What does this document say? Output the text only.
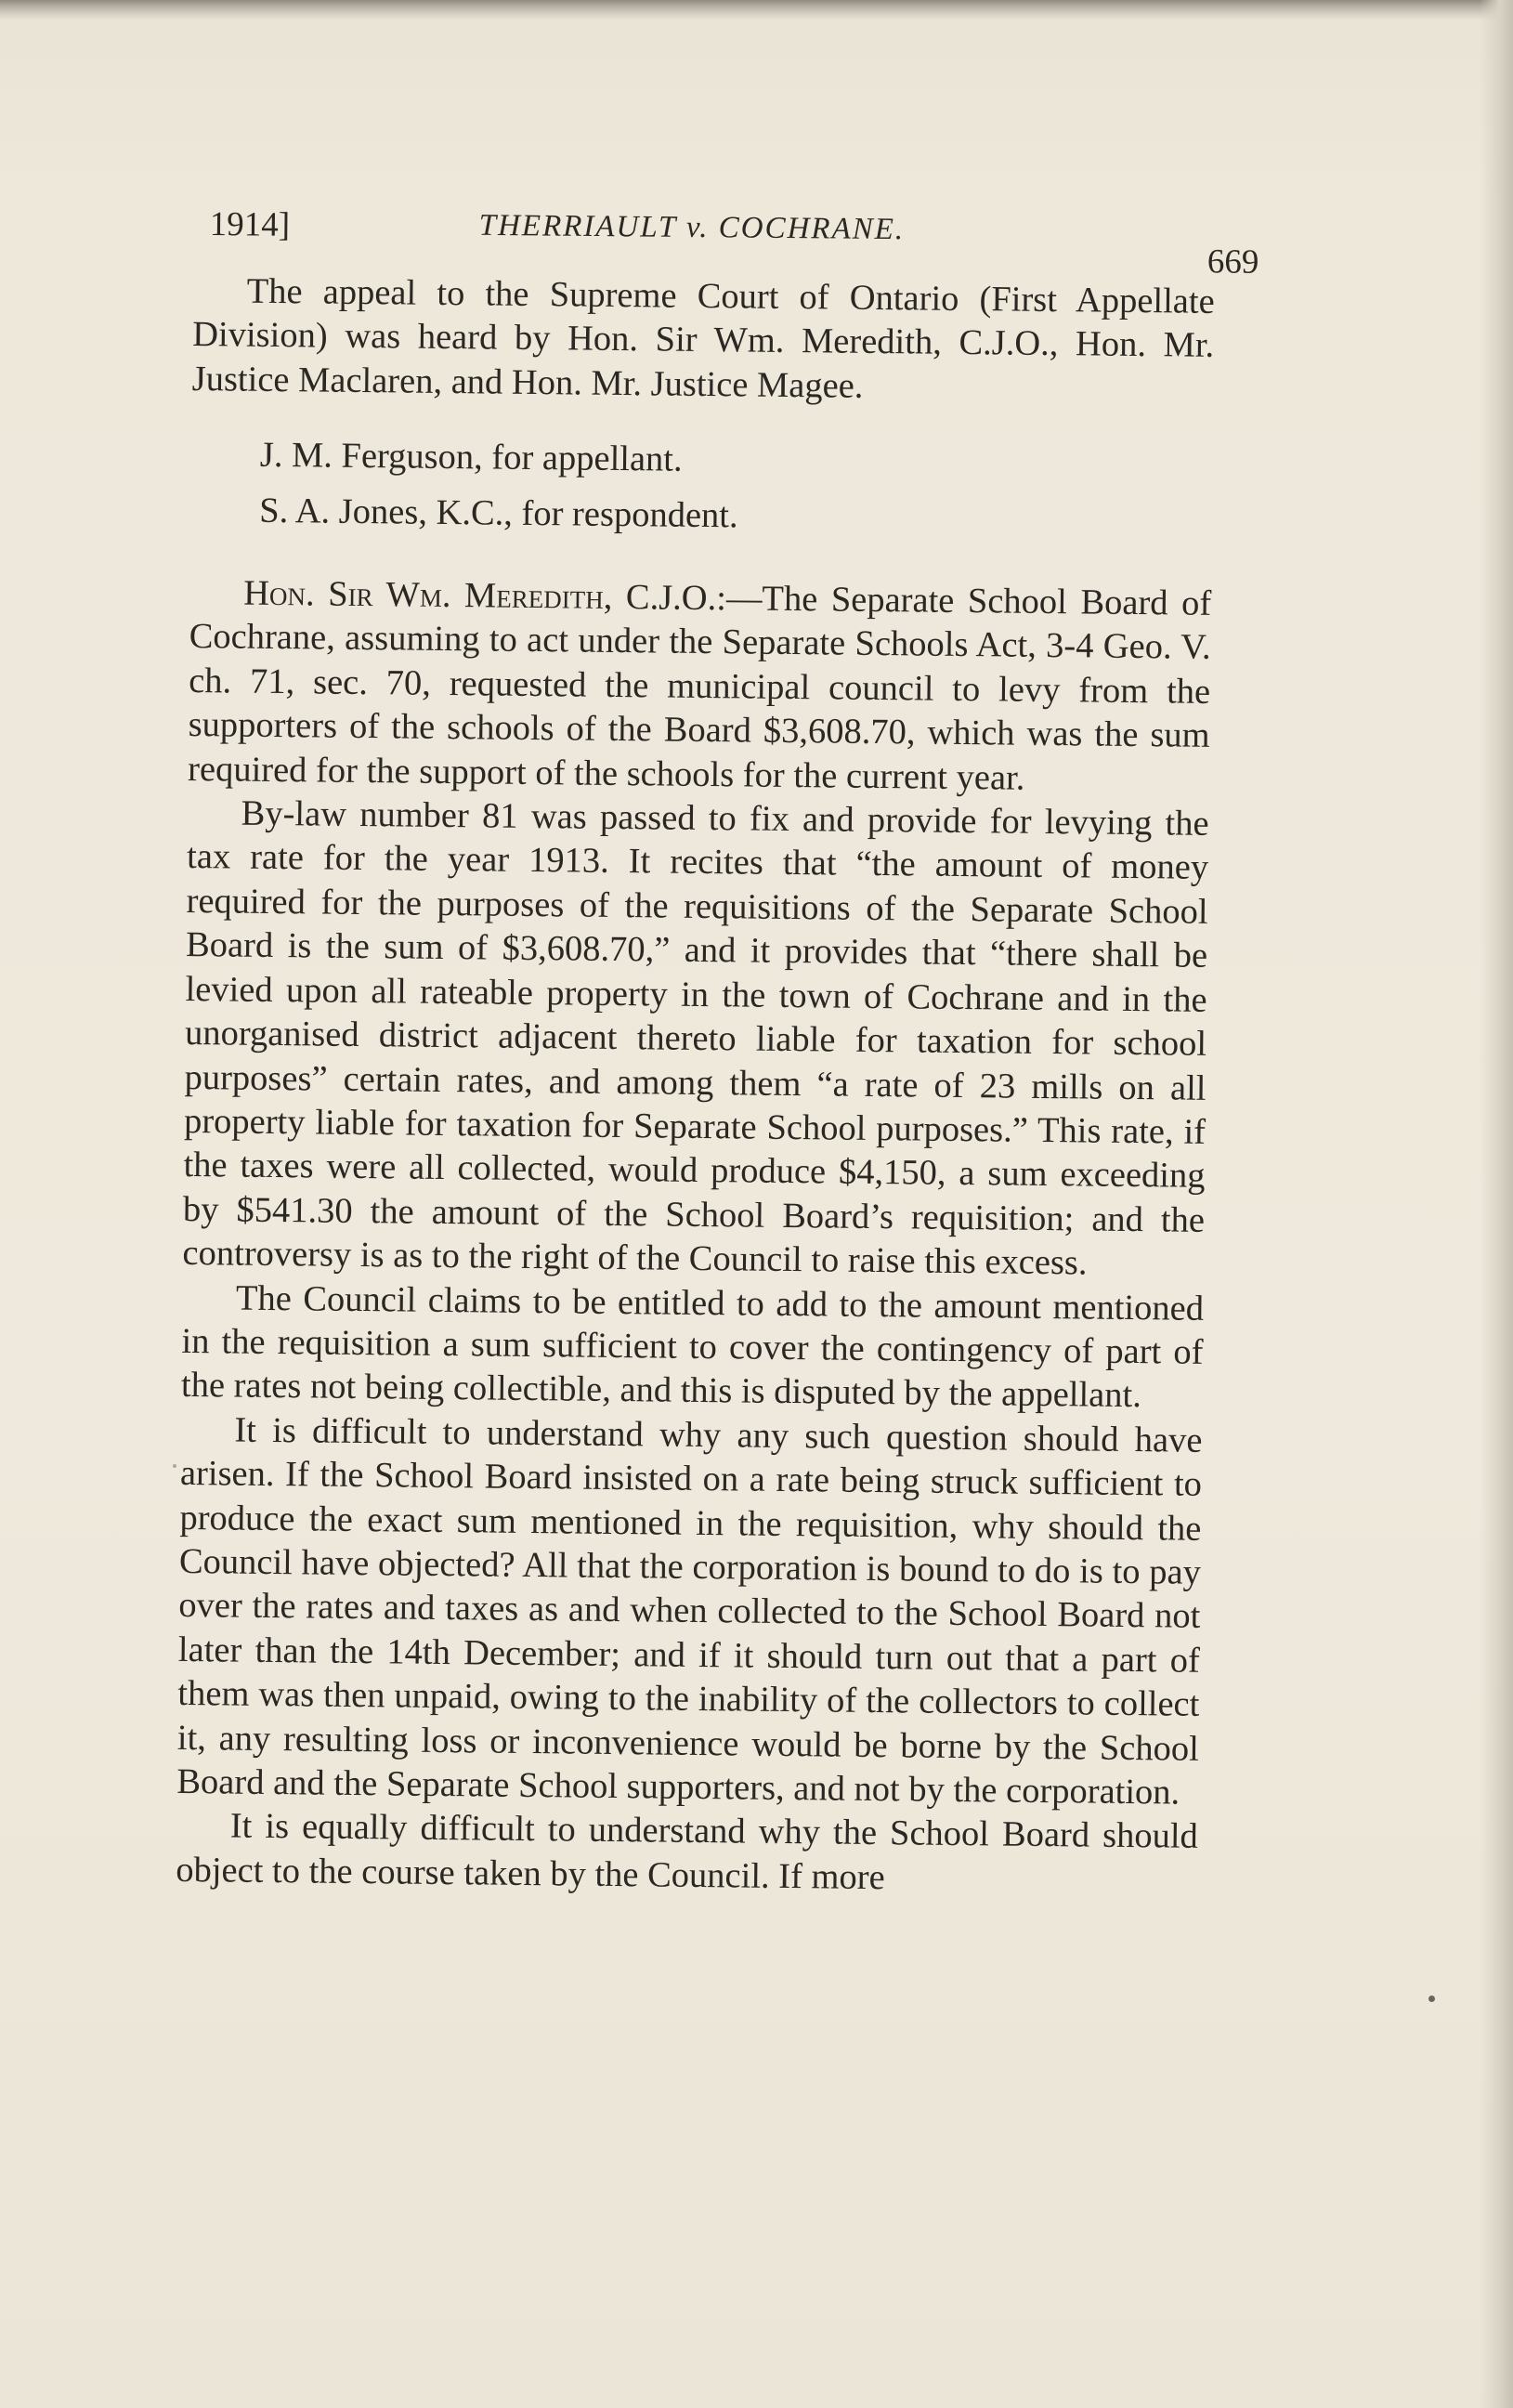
1914]	THERRIAULT v. COCHRANE.
669

The appeal to the Supreme Court of Ontario (First Appellate Division) was heard by Hon. Sir Wm. Meredith, C.J.O., Hon. Mr. Justice Maclaren, and Hon. Mr. Justice Magee.

J. M. Ferguson, for appellant.

S. A. Jones, K.C., for respondent.

Hon. Sir Wm. Meredith, C.J.O.:—The Separate School Board of Cochrane, assuming to act under the Separate Schools Act, 3-4 Geo. V. ch. 71, sec. 70, requested the municipal council to levy from the supporters of the schools of the Board $3,608.70, which was the sum required for the support of the schools for the current year.

By-law number 81 was passed to fix and provide for levying the tax rate for the year 1913. It recites that “the amount of money required for the purposes of the requisitions of the Separate School Board is the sum of $3,608.70,” and it provides that “there shall be levied upon all rateable property in the town of Cochrane and in the unorganised district adjacent thereto liable for taxation for school purposes” certain rates, and among them “a rate of 23 mills on all property liable for taxation for Separate School purposes.” This rate, if the taxes were all collected, would produce $4,150, a sum exceeding by $541.30 the amount of the School Board’s requisition; and the controversy is as to the right of the Council to raise this excess.

The Council claims to be entitled to add to the amount mentioned in the requisition a sum sufficient to cover the contingency of part of the rates not being collectible, and this is disputed by the appellant.

It is difficult to understand why any such question should have arisen. If the School Board insisted on a rate being struck sufficient to produce the exact sum mentioned in the requisition, why should the Council have objected? All that the corporation is bound to do is to pay over the rates and taxes as and when collected to the School Board not later than the 14th December; and if it should turn out that a part of them was then unpaid, owing to the inability of the collectors to collect it, any resulting loss or inconvenience would be borne by the School Board and the Separate School supporters, and not by the corporation.

It is equally difficult to understand why the School Board should object to the course taken by the Council. If more
